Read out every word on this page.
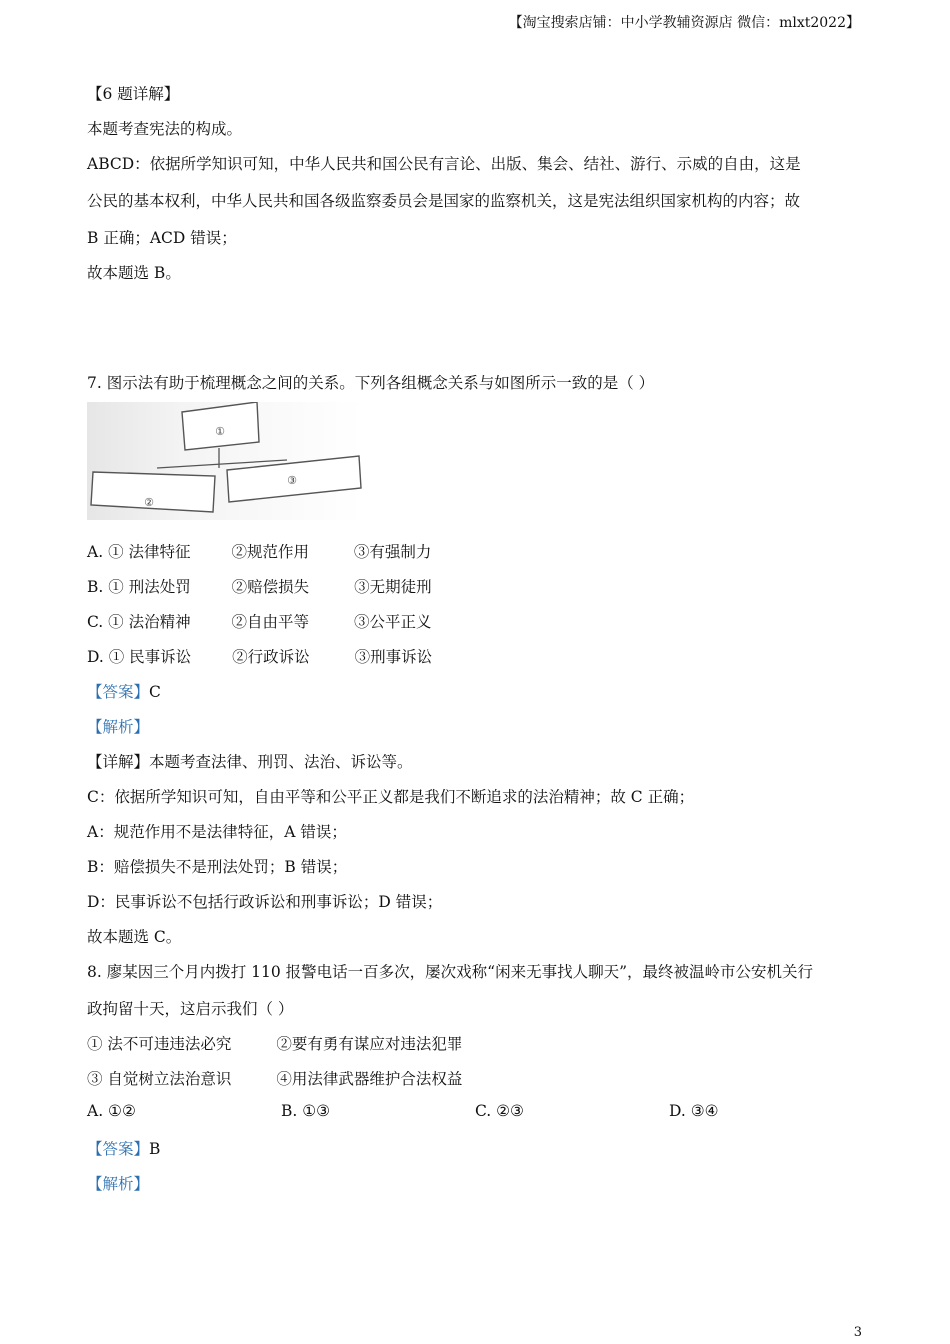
【淘宝搜索店铺：中小学教辅资源店 微信：mlxt2022】
【6 题详解】
本题考查宪法的构成。
ABCD：依据所学知识可知，中华人民共和国公民有言论、出版、集会、结社、游行、示威的自由，这是
公民的基本权利，中华人民共和国各级监察委员会是国家的监察机关，这是宪法组织国家机构的内容；故
B 正确；ACD 错误；
故本题选 B。
7. 图示法有助于梳理概念之间的关系。下列各组概念关系与如图所示一致的是（ ）
①
②
③
A. ① 法律特征	②规范作用	③有强制力
B. ① 刑法处罚	②赔偿损失	③无期徒刑
C. ① 法治精神	②自由平等	③公平正义
D. ① 民事诉讼	②行政诉讼	③刑事诉讼
【答案】C
【解析】
【详解】本题考查法律、刑罚、法治、诉讼等。
C：依据所学知识可知，自由平等和公平正义都是我们不断追求的法治精神；故 C 正确；
A：规范作用不是法律特征，A 错误；
B：赔偿损失不是刑法处罚；B 错误；
D：民事诉讼不包括行政诉讼和刑事诉讼；D 错误；
故本题选 C。
8. 廖某因三个月内拨打 110 报警电话一百多次，屡次戏称“闲来无事找人聊天”，最终被温岭市公安机关行
政拘留十天，这启示我们（ ）
① 法不可违违法必究	②要有勇有谋应对违法犯罪
③ 自觉树立法治意识	④用法律武器维护合法权益
A. ①②	B. ①③	C. ②③	D. ③④
【答案】B
【解析】
3
